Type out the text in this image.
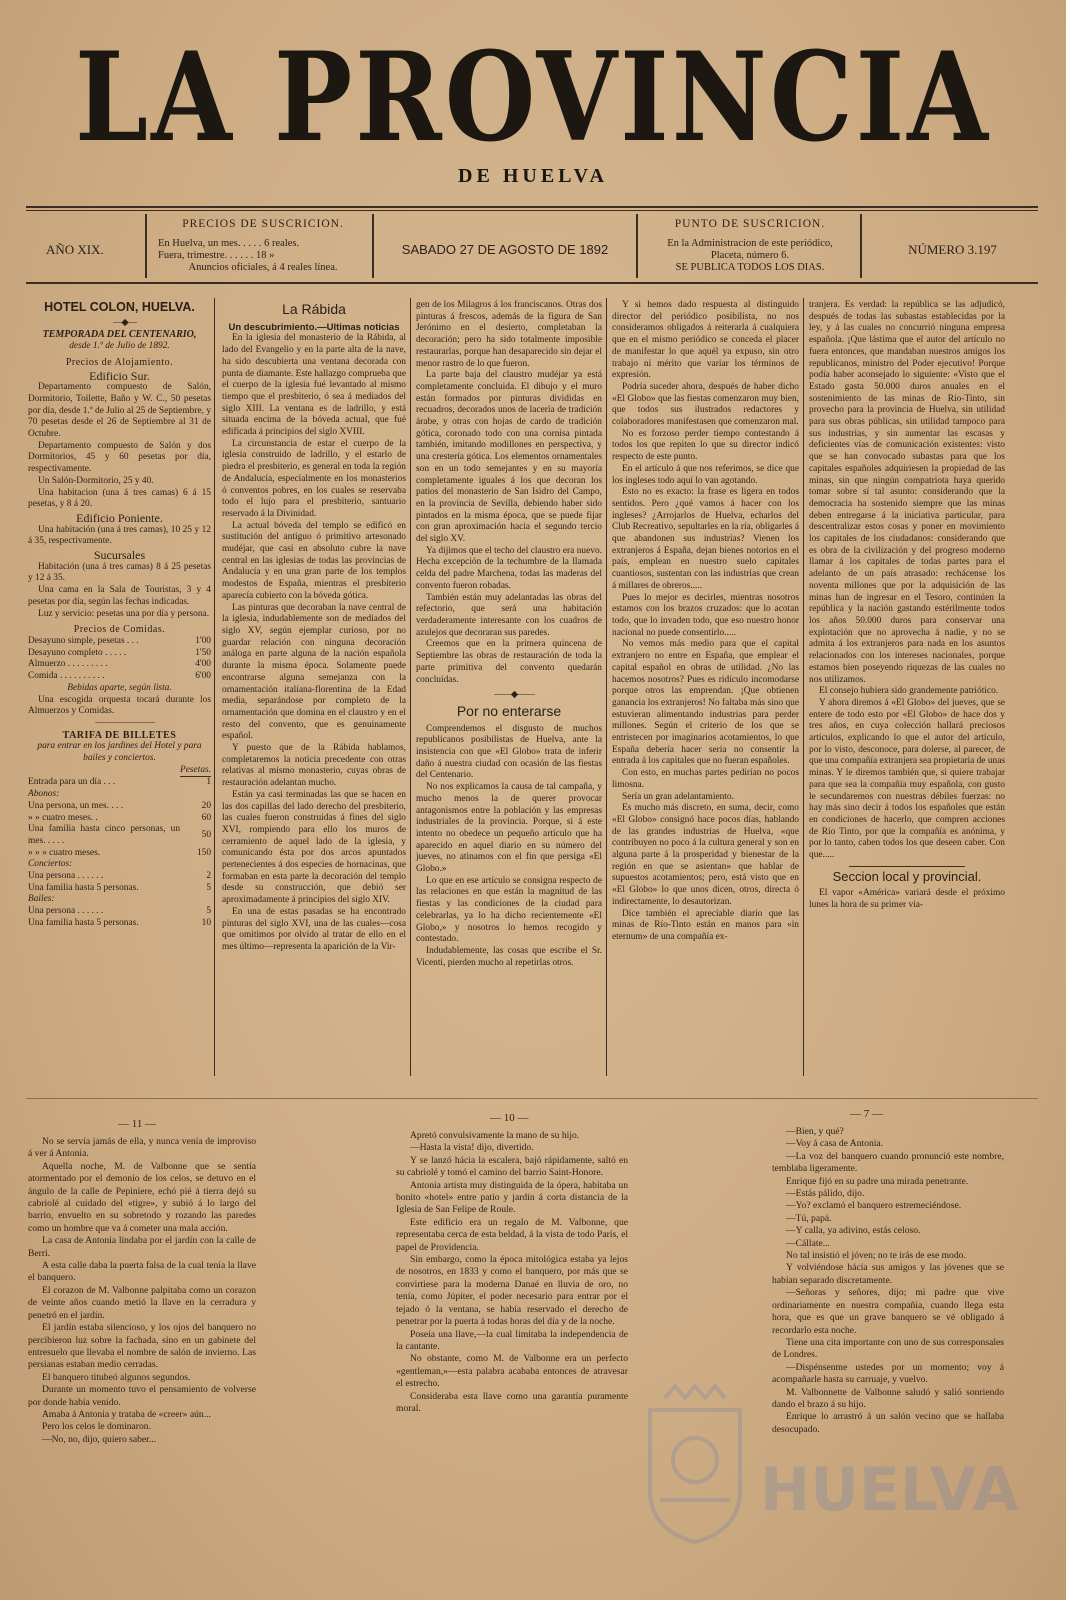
LA PROVINCIA
DE HUELVA
AÑO XIX.
PRECIOS DE SUSCRICION.
En Huelva, un mes. . . . . 6 reales.
Fuera, trimestre. . . . . . 18 »
Anuncios oficiales, á 4 reales línea.
SABADO 27 DE AGOSTO DE 1892
PUNTO DE SUSCRICION.
En la Administracion de este periódico,
Placeta, número 6.
SE PUBLICA TODOS LOS DIAS.
NÚMERO 3.197

HOTEL COLON, HUELVA.

—◆—

TEMPORADA DEL CENTENARIO,

desde 1.º de Julio de 1892.

Precios de Alojamiento.

Edificio Sur.

Departamento compuesto de Salón, Dormitorio, Toilette, Baño y W. C., 50 pesetas por día, desde 1.º de Julio al 25 de Septiembre, y 70 pesetas desde el 26 de Septiembre al 31 de Octubre.

Departamento compuesto de Salón y dos Dormitorios, 45 y 60 pesetas por día, respectivamente.

Un Salón-Dormitorio, 25 y 40.

Una habitacion (una á tres camas) 6 á 15 pesetas, y 8 á 20.

Edificio Poniente.

Una habitación (una á tres camas), 10 25 y 12 á 35, respectivamente.

Sucursales

Habitación (una á tres camas) 8 á 25 pesetas y 12 á 35.

Una cama en la Sala de Touristas, 3 y 4 pesetas por día, según las fechas indicadas.

Luz y servicio: pesetas una por día y persona.

Precios de Comidas.

Desayuno simple, pesetas . . .	1'00
Desayuno completo . . . . .	1'50
Almuerzo . . . . . . . . .	4'00
Comida . . . . . . . . . .	6'00

Bebidas aparte, según lista.

Una escogida orquesta tocará durante los Almuerzos y Comidas.

———————

TARIFA DE BILLETES

para entrar en los jardines del Hotel y para bailes y conciertos.

	Pesetas.
Entrada para un día . . .	1
Abonos:	
Una persona, un mes. . . .	20
» » cuatro meses. .	60
Una familia hasta cinco personas, un mes. . . . .	50
» » » cuatro meses.	150
Conciertos:	
Una persona . . . . . .	2
Una familia hasta 5 personas.	5
Bailes:	
Una persona . . . . . .	5
Una familia hasta 5 personas.	10

La Rábida

Un descubrimiento.—Ultimas noticias

En la iglesia del monasterio de la Rábida, al lado del Evangelio y en la parte alta de la nave, ha sido descubierta una ventana decorada con punta de diamante. Este hallazgo comprueba que el cuerpo de la iglesia fué levantado al mismo tiempo que el presbiterio, ó sea á mediados del siglo XIII. La ventana es de ladrillo, y está situada encima de la bóveda actual, que fué edificada á principios del siglo XVIII.

La circunstancia de estar el cuerpo de la iglesia construido de ladrillo, y el estarlo de piedra el presbiterio, es general en toda la región de Andalucía, especialmente en los monasterios ó conventos pobres, en los cuales se reservaba todo el lujo para el presbiterio, santuario reservado á la Divinidad.

La actual bóveda del templo se edificó en sustitución del antiguo ó primitivo artesonado mudéjar, que casi en absoluto cubre la nave central en las iglesias de todas las provincias de Andalucía y en una gran parte de los templos modestos de España, mientras el presbiterio aparecía cubierto con la bóveda gótica.

Las pinturas que decoraban la nave central de la iglesia, indudablemente son de mediados del siglo XV, según ejemplar curioso, por no guardar relación con ninguna decoración análoga en parte alguna de la nación española durante la misma época. Solamente puede encontrarse alguna semejanza con la ornamentación italiana-florentina de la Edad media, separándose por completo de la ornamentación que domina en el claustro y en el resto del convento, que es genuinamente español.

Y puesto que de la Rábida hablamos, completaremos la noticia precedente con otras relativas al mismo monasterio, cuyas obras de restauración adelantan mucho.

Están ya casi terminadas las que se hacen en las dos capillas del lado derecho del presbiterio, las cuales fueron construidas á fines del siglo XVI, rompiendo para ello los muros de cerramiento de aquel lado de la iglesia, y comunicando ésta por dos arcos apuntados pertenecientes á dos especies de hornacinas, que formaban en esta parte la decoración del templo desde su construcción, que debió ser aproximadamente á principios del siglo XIV.

En una de estas pasadas se ha encontrado pinturas del siglo XVI, una de las cuales—cosa que omitimos por olvido al tratar de ello en el mes último—representa la aparición de la Vir-

gen de los Milagros á los franciscanos. Otras dos pinturas á frescos, además de la figura de San Jerónimo en el desierto, completaban la decoración; pero ha sido totalmente imposible restaurarlas, porque han desaparecido sin dejar el menor rastro de lo que fueron.

La parte baja del claustro mudéjar ya está completamente concluida. El dibujo y el muro están formados por pinturas divididas en recuadros, decorados unos de lacería de tradición árabe, y otras con hojas de cardo de tradición gótica, coronado todo con una cornisa pintada también, imitando modillones en perspectiva, y una crestería gótica. Los elementos ornamentales son en un todo semejantes y en su mayoría completamente iguales á los que decoran los patios del monasterio de San Isidro del Campo, en la provincia de Sevilla, debiendo haber sido pintados en la misma época, que se puede fijar con gran aproximación hacia el segundo tercio del siglo XV.

Ya dijimos que el techo del claustro era nuevo. Hecha excepción de la techumbre de la llamada celda del padre Marchena, todas las maderas del convento fueron robadas.

También están muy adelantadas las obras del refectorio, que será una habitación verdaderamente interesante con los cuadros de azulejos que decoraran sus paredes.

Creemos que en la primera quincena de Septiembre las obras de restauración de toda la parte primitiva del convento quedarán concluidas.

——◆——

Por no enterarse

Comprendemos el disgusto de muchos republicanos posibilistas de Huelva, ante la insistencia con que «El Globo» trata de inferir daño á nuestra ciudad con ocasión de las fiestas del Centenario.

No nos explicamos la causa de tal campaña, y mucho menos la de querer provocar antagonismos entre la población y las empresas industriales de la provincia. Porque, si á este intento no obedece un pequeño artículo que ha aparecido en aquel diario en su número del jueves, no atinamos con el fin que persiga «El Globo.»

Lo que en ese artículo se consigna respecto de las relaciones en que están la magnitud de las fiestas y las condiciones de la ciudad para celebrarlas, ya lo ha dicho recientemente «El Globo,» y nosotros lo hemos recogido y contestado.

Indudablemente, las cosas que escribe el Sr. Vicenti, pierden mucho al repetirlas otros.

Y si hemos dado respuesta al distinguido director del periódico posibilista, no nos consideramos obligados á reiterarla á cualquiera que en el mismo periódico se conceda el placer de manifestar lo que aquél ya expuso, sin otro trabajo ni mérito que variar los términos de expresión.

Podría suceder ahora, después de haber dicho «El Globo» que las fiestas comenzaron muy bien, que todos sus ilustrados redactores y colaboradores manifestasen que comenzaron mal.

No es forzoso perder tiempo contestando á todos los que repiten lo que su director indicó respecto de este punto.

En el artículo á que nos referimos, se dice que los ingleses todo aquí lo van agotando.

Esto no es exacto: la frase es ligera en todos sentidos. Pero ¿qué vamos á hacer con los ingleses? ¿Arrojarlos de Huelva, echarlos del Club Recreativo, sepultarles en la ría, obligarles á que abandonen sus industrias? Vienen los extranjeros á España, dejan bienes notorios en el país, emplean en nuestro suelo capitales cuantiosos, sustentan con las industrias que crean á millares de obreros.....

Pues lo mejor es decirles, mientras nosotros estamos con los brazos cruzados: que lo acotan todo, que lo invaden todo, que eso nuestro honor nacional no puede consentirlo.....

No vemos más medio para que el capital extranjero no entre en España, que emplear el capital español en obras de utilidad. ¿No las hacemos nosotros? Pues es ridículo incomodarse porque otros las emprendan. ¡Que obtienen ganancia los extranjeros! No faltaba más sino que estuvieran alimentando industrias para perder millones. Según el criterio de los que se entristecen por imaginarios acotamientos, lo que España debería hacer sería no consentir la entrada á los capitales que no fueran españoles.

Con esto, en muchas partes pedirían no pocos limosna.

Sería un gran adelantamiento.

Es mucho más discreto, en suma, decir, como «El Globo» consignó hace pocos días, hablando de las grandes industrias de Huelva, «que contribuyen no poco á la cultura general y son en alguna parte á la prosperidad y bienestar de la región en que se asientan» que hablar de supuestos acotamientos; pero, está visto que en «El Globo» lo que unos dicen, otros, directa ó indirectamente, lo desautorizan.

Dice también el apreciable diario que las minas de Río-Tinto están en manos para «in eternum» de una compañía ex-

tranjera. Es verdad: la república se las adjudicó, después de todas las subastas establecidas por la ley, y á las cuales no concurrió ninguna empresa española. ¡Que lástima que el autor del artículo no fuera entonces, que mandaban nuestros amigos los republicanos, ministro del Poder ejecutivo! Porque podía haber aconsejado lo siguiente: «Visto que el Estado gasta 50.000 duros anuales en el sostenimiento de las minas de Río-Tinto, sin provecho para la provincia de Huelva, sin utilidad para sus obras públicas, sin utilidad tampoco para sus industrias, y sin aumentar las escasas y deficientes vías de comunicación existentes: visto que se han convocado subastas para que los capitales españoles adquiriesen la propiedad de las minas, sin que ningún compatriota haya querido tomar sobre sí tal asunto: considerando que la democracia ha sostenido siempre que las minas deben entregarse á la iniciativa particular, para descentralizar estos cosas y poner en movimiento los capitales de los ciudadanos: considerando que es obra de la civilización y del progreso moderno llamar á los capitales de todas partes para el adelanto de un país atrasado: rechácense los noventa millones que por la adquisición de las minas han de ingresar en el Tesoro, continúen la república y la nación gastando estérilmente todos los años 50.000 duros para conservar una explotación que no aprovecha á nadie, y no se admita á los extranjeros para nada en los asuntos relacionados con los intereses nacionales, porque estamos bien poseyendo riquezas de las cuales no nos utilizamos.

El consejo hubiera sido grandemente patriótico.

Y ahora diremos á «El Globo» del jueves, que se entere de todo esto por «El Globo» de hace dos y tres años, en cuya colección hallará preciosos artículos, explicando lo que el autor del artículo, por lo visto, desconoce, para dolerse, al parecer, de que una compañía extranjera sea propietaria de unas minas. Y le diremos también que, si quiere trabajar para que sea la compañía muy española, con gusto le secundaremos con nuestras débiles fuerzas: no hay más sino decir á todos los españoles que están en condiciones de hacerlo, que compren acciones de Río Tinto, por que la compañía es anónima, y por lo tanto, caben todos los que deseen caber. Con que.....

Seccion local y provincial.

El vapor «América» variará desde el próximo lunes la hora de su primer via-

— 11 —	— 10 —	— 7 —

No se servía jamás de ella, y nunca venía de improviso á ver á Antonia.

Aquella noche, M. de Valbonne que se sentía atormentado por el demonio de los celos, se detuvo en el ángulo de la calle de Pepiniere, echó pié á tierra dejó su cabriolé al cuidado del «tigre», y subió á lo largo del barrio, envuelto en su sobretodo y rozando las paredes como un hombre que va á cometer una mala acción.

La casa de Antonia lindaba por el jardín con la calle de Berri.

A esta calle daba la puerta falsa de la cual tenía la llave el banquero.

El corazon de M. Valbonne palpitaba como un corazon de veinte años cuando metió la llave en la cerradura y penetró en el jardín.

El jardín estaba silencioso, y los ojos del banquero no percibieron luz sobre la fachada, sino en un gabinete del entresuelo que llevaba el nombre de salón de invierno. Las persianas estaban medio cerradas.

El banquero titubeó algunos segundos.

Durante un momento tuvo el pensamiento de volverse por donde había venido.

Amaba á Antonia y trataba de «creer» aún...

Pero los celos le dominaron.

—No, no, dijo, quiero saber...

Apretó convulsivamente la mano de su hijo.

—Hasta la vista! dijo, divertido.

Y se lanzó hácia la escalera, bajó rápidamente, saltó en su cabriolé y tomó el camino del barrio Saint-Honore.

Antonia artista muy distinguida de la ópera, habitaba un bonito «hotel» entre patio y jardín á corta distancia de la Iglesia de San Felipe de Roule.

Este edificio era un regalo de M. Valbonne, que representaba cerca de esta beldad, á la vista de todo París, el papel de Providencia.

Sin embargo, como la época mitológica estaba ya lejos de nosotros, en 1833 y como el banquero, por más que se convirtiese para la moderna Danaé en lluvia de oro, no tenía, como Júpiter, el poder necesario para entrar por el tejado ó la ventana, se había reservado el derecho de penetrar por la puerta á todas horas del día y de la noche.

Poseía una llave,—la cual limitaba la independencia de la cantante.

No obstante, como M. de Valbonne era un perfecto «gentleman,»—esta palabra acababa entonces de atravesar el estrecho.

Consideraba esta llave como una garantía puramente moral.

—Bien, y qué?

—Voy á casa de Antonia.

—La voz del banquero cuando pronunció este nombre, temblaba ligeramente.

Enrique fijó en su padre una mirada penetrante.

—Estás pálido, dijo.

—Yo? exclamó el banquero estremeciéndose.

—Tú, papá.

—Y calla, ya adivino, estás celoso.

—Cállate...

No tal insistió el jóven; no te irás de ese modo.

Y volviéndose hácia sus amigos y las jóvenes que se habían separado discretamente.

—Señoras y señores, dijo; mi padre que vive ordinariamente en nuestra compañía, cuando llega esta hora, que es que un grave banquero se vé obligado á recordarlo esta noche.

Tiene una cita importante con uno de sus corresponsales de Londres.

—Dispénsenme ustedes por un momento; voy á acompañarle hasta su carruaje, y vuelvo.

M. Valbonnette de Valbonne saludó y salió sonriendo dando el brazo á su hijo.

Enrique lo arrastró á un salón vecino que se hallaba desocupado.

HUELVA
